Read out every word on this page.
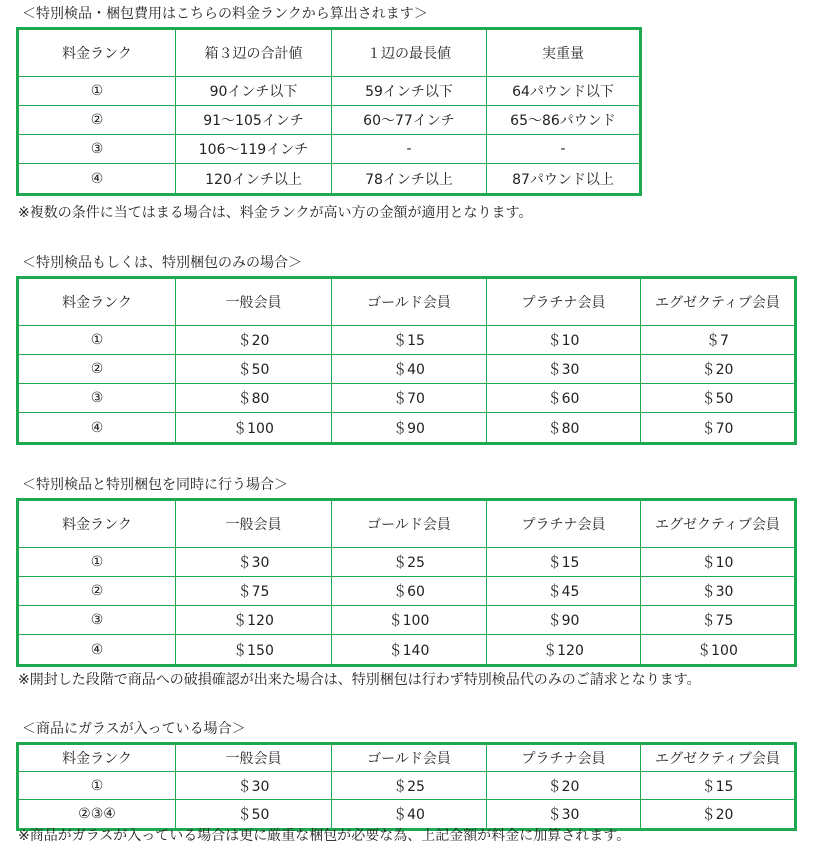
＜特別検品・梱包費用はこちらの料金ランクから算出されます＞

料金ランク	箱３辺の合計値	１辺の最長値	実重量
①	90インチ以下	59インチ以下	64パウンド以下
②	91～105インチ	60～77インチ	65～86パウンド
③	106～119インチ	-	-
④	120インチ以上	78インチ以上	87パウンド以上

※複数の条件に当てはまる場合は、料金ランクが高い方の金額が適用となります。

＜特別検品もしくは、特別梱包のみの場合＞

料金ランク	一般会員	ゴールド会員	プラチナ会員	エグゼクティブ会員
①	＄20	＄15	＄10	＄7
②	＄50	＄40	＄30	＄20
③	＄80	＄70	＄60	＄50
④	＄100	＄90	＄80	＄70

＜特別検品と特別梱包を同時に行う場合＞

料金ランク	一般会員	ゴールド会員	プラチナ会員	エグゼクティブ会員
①	＄30	＄25	＄15	＄10
②	＄75	＄60	＄45	＄30
③	＄120	＄100	＄90	＄75
④	＄150	＄140	＄120	＄100

※開封した段階で商品への破損確認が出来た場合は、特別梱包は行わず特別検品代のみのご請求となります。

＜商品にガラスが入っている場合＞

料金ランク	一般会員	ゴールド会員	プラチナ会員	エグゼクティブ会員
①	＄30	＄25	＄20	＄15
②③④	＄50	＄40	＄30	＄20

※商品がガラスが入っている場合は更に厳重な梱包が必要な為、上記金額が料金に加算されます。
